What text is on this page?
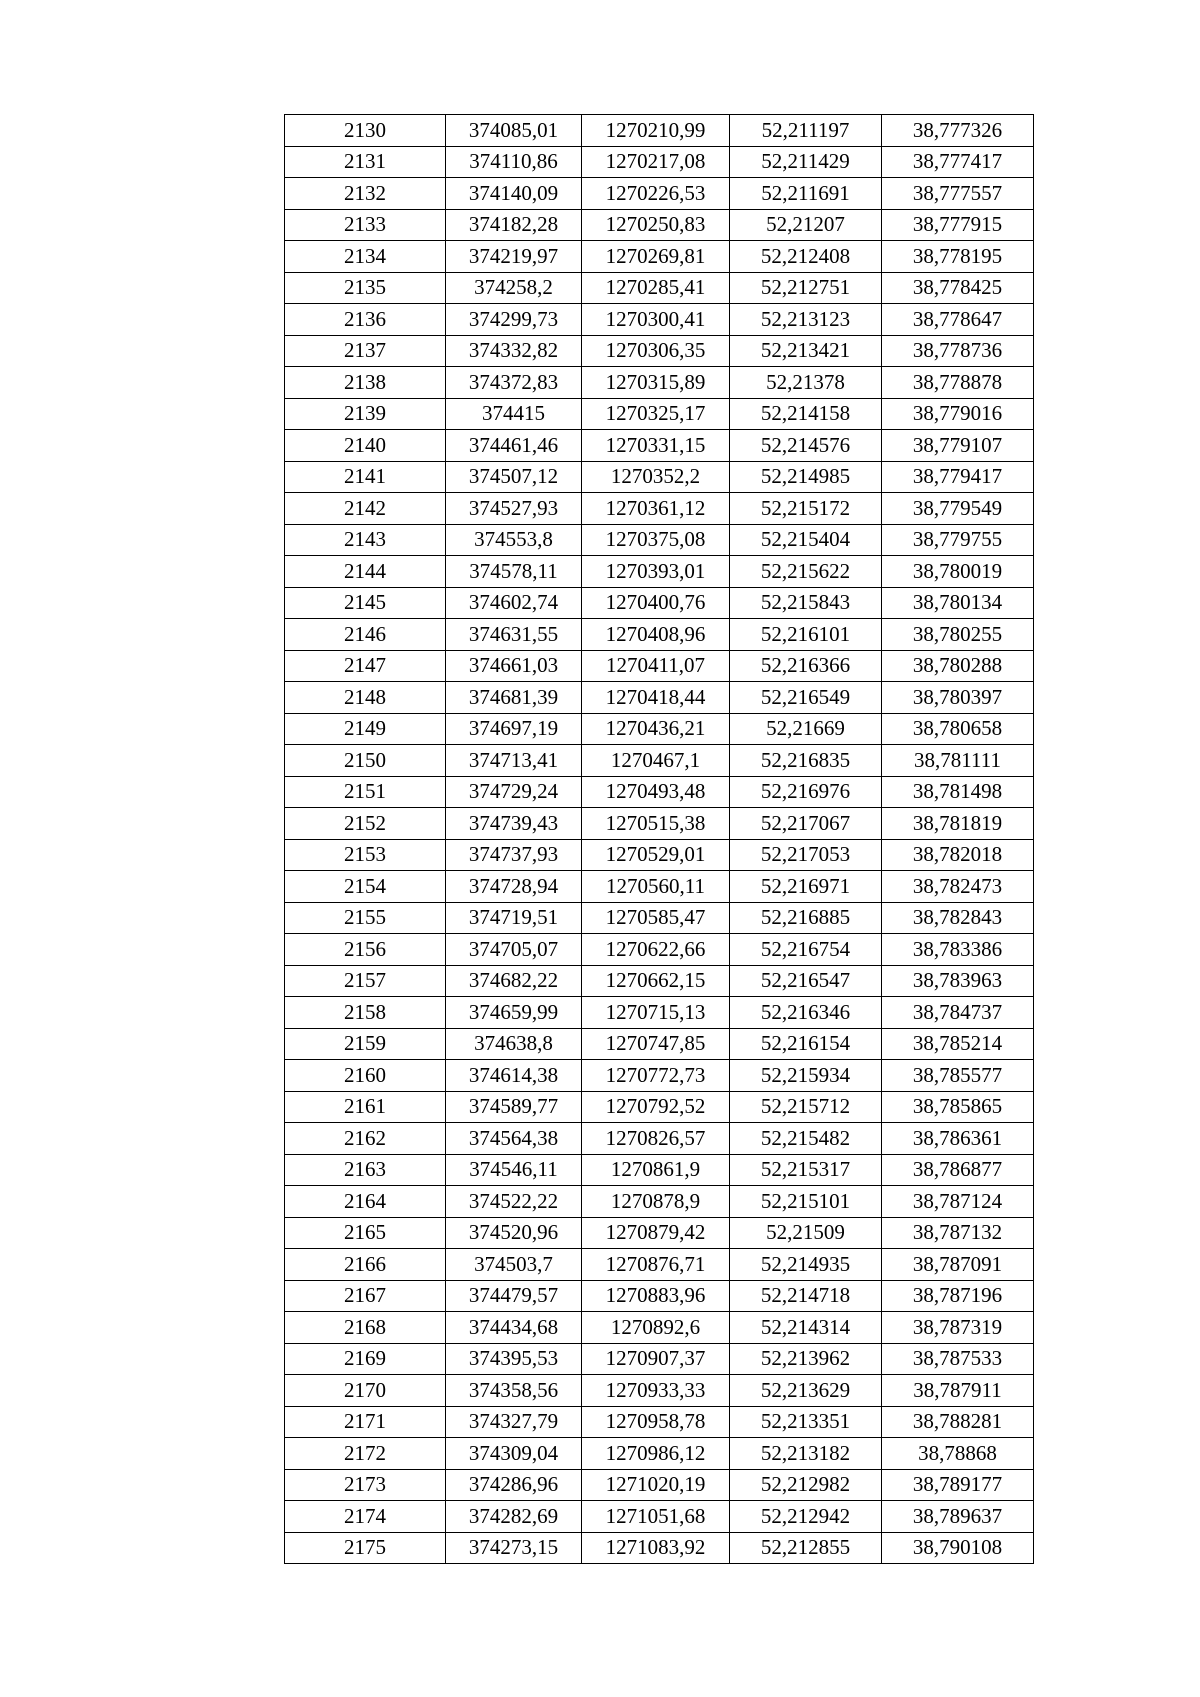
2130	374085,01	1270210,99	52,211197	38,777326
2131	374110,86	1270217,08	52,211429	38,777417
2132	374140,09	1270226,53	52,211691	38,777557
2133	374182,28	1270250,83	52,21207	38,777915
2134	374219,97	1270269,81	52,212408	38,778195
2135	374258,2	1270285,41	52,212751	38,778425
2136	374299,73	1270300,41	52,213123	38,778647
2137	374332,82	1270306,35	52,213421	38,778736
2138	374372,83	1270315,89	52,21378	38,778878
2139	374415	1270325,17	52,214158	38,779016
2140	374461,46	1270331,15	52,214576	38,779107
2141	374507,12	1270352,2	52,214985	38,779417
2142	374527,93	1270361,12	52,215172	38,779549
2143	374553,8	1270375,08	52,215404	38,779755
2144	374578,11	1270393,01	52,215622	38,780019
2145	374602,74	1270400,76	52,215843	38,780134
2146	374631,55	1270408,96	52,216101	38,780255
2147	374661,03	1270411,07	52,216366	38,780288
2148	374681,39	1270418,44	52,216549	38,780397
2149	374697,19	1270436,21	52,21669	38,780658
2150	374713,41	1270467,1	52,216835	38,781111
2151	374729,24	1270493,48	52,216976	38,781498
2152	374739,43	1270515,38	52,217067	38,781819
2153	374737,93	1270529,01	52,217053	38,782018
2154	374728,94	1270560,11	52,216971	38,782473
2155	374719,51	1270585,47	52,216885	38,782843
2156	374705,07	1270622,66	52,216754	38,783386
2157	374682,22	1270662,15	52,216547	38,783963
2158	374659,99	1270715,13	52,216346	38,784737
2159	374638,8	1270747,85	52,216154	38,785214
2160	374614,38	1270772,73	52,215934	38,785577
2161	374589,77	1270792,52	52,215712	38,785865
2162	374564,38	1270826,57	52,215482	38,786361
2163	374546,11	1270861,9	52,215317	38,786877
2164	374522,22	1270878,9	52,215101	38,787124
2165	374520,96	1270879,42	52,21509	38,787132
2166	374503,7	1270876,71	52,214935	38,787091
2167	374479,57	1270883,96	52,214718	38,787196
2168	374434,68	1270892,6	52,214314	38,787319
2169	374395,53	1270907,37	52,213962	38,787533
2170	374358,56	1270933,33	52,213629	38,787911
2171	374327,79	1270958,78	52,213351	38,788281
2172	374309,04	1270986,12	52,213182	38,78868
2173	374286,96	1271020,19	52,212982	38,789177
2174	374282,69	1271051,68	52,212942	38,789637
2175	374273,15	1271083,92	52,212855	38,790108
